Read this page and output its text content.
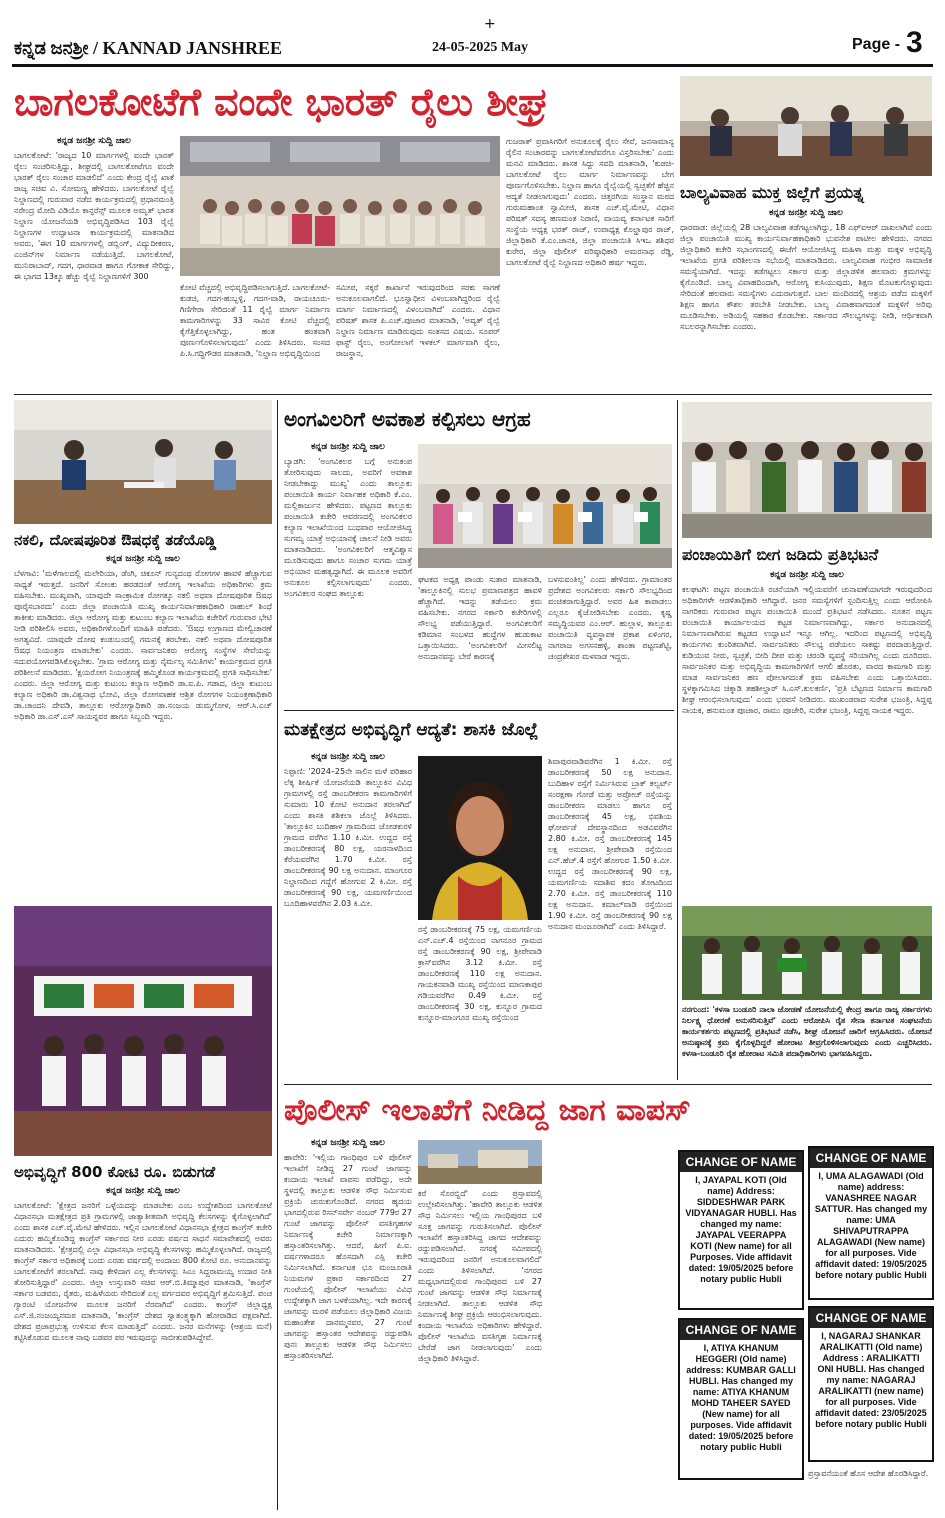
+
ಕನ್ನಡ ಜನಶ್ರೀ / KANNAD JANSHREE	24-05-2025 May	Page - 3
ಬಾಗಲಕೋಟೆಗೆ ವಂದೇ ಭಾರತ್ ರೈಲು ಶೀಘ್ರ
ಕನ್ನಡ ಜನಶ್ರೀ ಸುದ್ದಿ ಜಾಲ
ಬಾಗಲಕೋಟೆ: 'ರಾಜ್ಯದ 10 ಮಾರ್ಗಗಳಲ್ಲಿ ವಂದೇ ಭಾರತ್ ರೈಲು ಸಂಚರಿಸುತ್ತಿದ್ದು, ಶೀಘ್ರದಲ್ಲಿ ಬಾಗಲಕೋಟೆಗೂ ವಂದೇ ಭಾರತ್ ರೈಲು ಸಂಚಾರ ಮಾಡಲಿದೆ' ಎಂದು ಕೇಂದ್ರ ರೈಲ್ವೆ ಖಾತೆ ರಾಜ್ಯ ಸಚಿವ ವಿ. ಸೋಮಣ್ಣ ಹೇಳಿದರು. ಬಾಗಲಕೋಟೆ ರೈಲ್ವೆ ನಿಲ್ದಾಣದಲ್ಲಿ ಗುರುವಾರ ನಡೆದ ಕಾರ್ಯಕ್ರಮದಲ್ಲಿ ಪ್ರಧಾನಮಂತ್ರಿ ನರೇಂದ್ರ ಮೋದಿ ವಿಡಿಯೊ ಕಾನ್ಫರೆನ್ಸ್ ಮೂಲಕ ಅಮೃತ್ ಭಾರತ ನಿಲ್ದಾಣ ಯೋಜನೆಯಡಿ ಅಭಿವೃದ್ಧಿಪಡಿಸಿದ 103 ರೈಲ್ವೆ ನಿಲ್ದಾಣಗಳ ಉದ್ಘಾಟನಾ ಕಾರ್ಯಕ್ರಮದಲ್ಲಿ ಮಾತನಾಡಿದ ಅವರು, 'ಈಗ 10 ಮಾರ್ಗಗಳಲ್ಲಿ ಡಬ್ಲಿಂಗ್, ವಿದ್ಯುದೀಕರಣ, ಎಂಜಿನ್‌ಗಳ ನಿರ್ಮಾಣ ನಡೆಯುತ್ತಿದೆ. ಬಾಗಲಕೋಟೆ, ಮುನಿರಾಬಾದ್, ಗದಗ, ಧಾರವಾಡ ಹಾಗೂ ಗೋಕಾಕ ಸೇರಿದ್ದು, ಈ ಭಾಗದ 13ಕ್ಕೂ ಹೆಚ್ಚು ರೈಲ್ವೆ ನಿಲ್ದಾಣಗಳಿಗೆ 300
ಕೋಟಿ ವೆಚ್ಚದಲ್ಲಿ ಅಭಿವೃದ್ಧಿಪಡಿಸಲಾಗುತ್ತಿದೆ. ಬಾಗಲಕೋಟೆ-ಕುಡಚಿ, ಗದಗ-ಹುಬ್ಬಳ್ಳಿ, ಗದಗ-ವಾಡಿ, ರಾಯಚೂರು-ಗಿಣಿಗೇರಾ ಸೇರಿದಂತೆ 11 ರೈಲ್ವೆ ಮಾರ್ಗ ನಿರ್ಮಾಣ ಕಾಮಗಾರಿಗಳನ್ನು 33 ಸಾವಿರ ಕೋಟಿ ವೆಚ್ಚದಲ್ಲಿ ಕೈಗೆತ್ತಿಕೊಳ್ಳಲಾಗಿದ್ದು, ಹಂತ ಹಂತವಾಗಿ ಪೂರ್ಣಗೊಳಿಸಲಾಗುವುದು' ಎಂದು ತಿಳಿಸಿದರು. ಸಂಸದ ಪಿ.ಸಿ.ಗದ್ದಿಗೌಡರ ಮಾತನಾಡಿ, 'ನಿಲ್ದಾಣ ಅಭಿವೃದ್ಧಿಯಿಂದ
ಸಮೀಪ, ಸಕ್ಕರೆ ಕಾರ್ಖಾನೆ ಇರುವುದರಿಂದ ಸರಕು ಸಾಗಣೆ ಅನುಕೂಲವಾಗಲಿದೆ. ಭೂಸ್ವಾಧೀನ ವಿಳಂಬವಾಗಿದ್ದರಿಂದ ರೈಲ್ವೆ ಮಾರ್ಗ ನಿರ್ಮಾಣದಲ್ಲಿ ವಿಳಂಬವಾಗಿದೆ' ಎಂದರು. ವಿಧಾನ ಪರಿಷತ್ ಶಾಸಕ ಪಿ.ಎಚ್.ಪೂಜಾರ ಮಾತನಾಡಿ, 'ಅವ್ಯತ್ ರೈಲ್ವೆ ನಿಲ್ದಾಣ ನಿರ್ಮಾಣ ಮಾಡಿರುವುದು ಸಂತಸದ ವಿಷಯ. ಸೂಪರ್ ಫಾಸ್ಟ್ ರೈಲು, ಅಂಗೋಲಾಗೆ ಇಳಕಲ್ ಮಾರ್ಗವಾಗಿ ರೈಲು, ರಾಜಸ್ಥಾನ,
ಗುಜರಾತ್ ಪ್ರವಾಸಿಗರಿಗೆ ಅನುಕೂಲಕ್ಕೆ ರೈಲು ಸೇವೆ, ಜನಸಾಮಾನ್ಯ ರೈಲಿನ ಸಂಚಾರವನ್ನು ಬಾಗಲಕೋಟೆವರೆಗೂ ವಿಸ್ತರಿಸಬೇಕು' ಎಂದು ಮನವಿ ಮಾಡಿದರು. ಶಾಸಕ ಸಿದ್ದು ಸವದಿ ಮಾತನಾಡಿ, 'ಕುಡಚಿ-ಬಾಗಲಕೋಟೆ ರೈಲು ಮಾರ್ಗ ನಿರ್ಮಾಣವನ್ನು ಬೇಗ ಪೂರ್ಣಗೊಳಿಸಬೇಕು. ನಿಲ್ದಾಣ ಹಾಗೂ ರೈಲ್ವೆಯಲ್ಲಿ ಸ್ವಚ್ಛತೆಗೆ ಹೆಚ್ಚಿನ ಆದ್ಯತೆ ನೀಡಲಾಗುವುದು' ಎಂದರು. ಚಿತ್ತರಗಿಯ ಸಂಸ್ಥಾನ ಮಠದ ಗುರುಮಹಾಂತ ಸ್ವಾಮೀಜಿ, ಶಾಸಕ ಎಚ್.ವೈ.ಮೇಟಿ, ವಿಧಾನ ಪರಿಷತ್ ಸದಸ್ಯ ಹಣಮಂತ ನಿರಾಣಿ, ವಾಯವ್ಯ ಕರ್ನಾಟಕ ಸಾರಿಗೆ ಸಂಸ್ಥೆಯ ಅಧ್ಯಕ್ಷ ಭರತ್ ರಾಜ್, ಉಪಾಧ್ಯಕ್ಷ ಕೊಲ್ಹಾಪುರ ರಾಜ್, ಜಿಲ್ಲಾಧಿಕಾರಿ ಕೆ.ಎಂ.ಜಾನಕಿ, ಜಿಲ್ಲಾ ಪಂಚಾಯಿತಿ ಸಿಇಒ ಶಶಿಧರ ಕುರೇರ, ಜಿಲ್ಲಾ ಪೊಲೀಸ್ ವರಿಷ್ಠಾಧಿಕಾರಿ ಅಮರನಾಥ ರೆಡ್ಡಿ, ಬಾಗಲಕೋಟೆ ರೈಲ್ವೆ ನಿಲ್ದಾಣದ ಅಧಿಕಾರಿ ಹರ್ಷ ಇದ್ದರು.
ಬಾಲ್ಯವಿವಾಹ ಮುಕ್ತ ಜಿಲ್ಲೆಗೆ ಪ್ರಯತ್ನ
ಕನ್ನಡ ಜನಶ್ರೀ ಸುದ್ದಿ ಜಾಲ
ಧಾರವಾಡ: ಜಿಲ್ಲೆಯಲ್ಲಿ 28 ಬಾಲ್ಯವಿವಾಹ ತಡೆಗಟ್ಟಲಾಗಿದ್ದು, 18 ಎಫ್‌ಐಆರ್ ದಾಖಲಾಗಿವೆ ಎಂದು ಜಿಲ್ಲಾ ಪಂಚಾಯಿತಿ ಮುಖ್ಯ ಕಾರ್ಯನಿರ್ವಾಹಕಾಧಿಕಾರಿ ಭುವನೇಶ ಪಾಟೀಲ ಹೇಳಿದರು. ನಗರದ ಜಿಲ್ಲಾಧಿಕಾರಿ ಕಚೇರಿ ಸಭಾಂಗಣದಲ್ಲಿ ಈಚೆಗೆ ಆಯೋಜಿಸಿದ್ದ ಮಹಿಳಾ ಮತ್ತು ಮಕ್ಕಳ ಅಭಿವೃದ್ಧಿ ಇಲಾಖೆಯ ಪ್ರಗತಿ ಪರಿಶೀಲನಾ ಸಭೆಯಲ್ಲಿ ಮಾತನಾಡಿದರು. ಬಾಲ್ಯವಿವಾಹ ಗಂಭೀರ ಸಾಮಾಜಿಕ ಸಮಸ್ಯೆಯಾಗಿದೆ. ಇದನ್ನು ತಡೆಗಟ್ಟಲು ಸರ್ಕಾರ ಮತ್ತು ಜಿಲ್ಲಾಡಳಿತ ಹಲವಾರು ಕ್ರಮಗಳನ್ನು ಕೈಗೊಂಡಿದೆ. ಬಾಲ್ಯ ವಿವಾಹದಿಂದಾಗಿ, ಆರೋಗ್ಯ ಕುಸಿಯುವುದು, ಶಿಕ್ಷಣ ಮೊಟಕುಗೊಳ್ಳುವುದು ಸೇರಿದಂತೆ ಹಲವಾರು ಸಮಸ್ಯೆಗಳು ಎದುರಾಗುತ್ತವೆ. ಬಾಲ ಮಂದಿರದಲ್ಲಿ ಆಶ್ರಯ ಪಡೆದ ಮಕ್ಕಳಿಗೆ ಶಿಕ್ಷಣ ಹಾಗೂ ಕೌಶಲ ತರಬೇತಿ ನೀಡಬೇಕು. ಬಾಲ್ಯ ವಿವಾಹವಾಗದಂತೆ ಮಕ್ಕಳಿಗೆ ಅರಿವು ಮೂಡಿಸಬೇಕು. ಅಡಿಯಲ್ಲಿ ಸಹಕಾರ ಕೊಡಬೇಕು. ಸರ್ಕಾರದ ಸೌಲಭ್ಯಗಳನ್ನು ನೀಡಿ, ಆರ್ಥಿಕವಾಗಿ ಸಬಲರನ್ನಾಗಿಸಬೇಕು ಎಂದರು.
ನಕಲಿ, ದೋಷಪೂರಿತ ಔಷಧಕ್ಕೆ ತಡೆಯೊಡ್ಡಿ
ಕನ್ನಡ ಜನಶ್ರೀ ಸುದ್ದಿ ಜಾಲ
ಬೆಳಗಾವಿ: 'ಮಳೆಗಾಲದಲ್ಲಿ ಮಲೇರಿಯಾ, ಡೆಂಗಿ, ಚಿಕೂನ್ ಗುನ್ಯದಂಥ ರೋಗಗಳ ಹಾವಳಿ ಹೆಚ್ಚಾಗುವ ಸಾಧ್ಯತೆ ಇರುತ್ತದೆ. ಜನರಿಗೆ ಸೋಂಕು ಹರಡದಂತೆ ಆರೋಗ್ಯ ಇಲಾಖೆಯ ಅಧಿಕಾರಿಗಳು ಕ್ರಮ ವಹಿಸಬೇಕು. ಮುಖ್ಯವಾಗಿ, ಯಾವುದೇ ಸಾಂಕ್ರಾಮಿಕ ರೋಗಕ್ಕೂ ನಕಲಿ ಅಥವಾ ದೋಷಪೂರಿತ ಔಷಧ ಪೂರೈಸಬಾರದು' ಎಂದು ಜಿಲ್ಲಾ ಪಂಚಾಯಿತಿ ಮುಖ್ಯ ಕಾರ್ಯನಿರ್ವಾಹಕಾಧಿಕಾರಿ ರಾಹುಲ್ ಶಿಂಧೆ ತಾಕೀತು ಮಾಡಿದರು. ಜಿಲ್ಲಾ ಆರೋಗ್ಯ ಮತ್ತು ಕುಟುಂಬ ಕಲ್ಯಾಣ ಇಲಾಖೆಯ ಕಚೇರಿಗೆ ಗುರುವಾರ ಭೇಟಿ ನೀಡಿ ಪರಿಶೀಲಿಸಿ ಅವರು, ಅಧಿಕಾರಿಗಳೊಂದಿಗೆ ಮಾಹಿತಿ ಪಡೆದರು. 'ಔಷಧ ಉಗ್ರಾಣದ ಮೇಲ್ವಿಚಾರಣೆ ಅಗತ್ಯವಿದೆ. ಯಾವುದೇ ದೋಷ ಕಂಡುಬಂದಲ್ಲಿ ಗಮನಕ್ಕೆ ತರಬೇಕು. ನಕಲಿ ಅಥವಾ ದೋಷಪೂರಿತ ಔಷಧ ನಿಯಂತ್ರಣ ಮಾಡಬೇಕು' ಎಂದರು. ಸಾರ್ವಜನಿಕರು ಆರೋಗ್ಯ ಸಂಸ್ಥೆಗಳ ಸೇವೆಯನ್ನು ಸದುಪಯೋಗಪಡಿಸಿಕೊಳ್ಳಬೇಕು. 'ಗ್ರಾಮ ಆರೋಗ್ಯ ಮತ್ತು ನೈರ್ಮಲ್ಯ ಸಮಿತಿಗಳು' ಕಾರ್ಯಕ್ರಮದ ಪ್ರಗತಿ ಪರಿಶೀಲನೆ ಮಾಡಿದರು. 'ಕ್ಷಯರೋಗ ನಿಯಂತ್ರಣಕ್ಕೆ ಹಮ್ಮಿಕೊಂಡ ಕಾರ್ಯಕ್ರಮದಲ್ಲಿ ಪ್ರಗತಿ ಸಾಧಿಸಬೇಕು' ಎಂದರು. ಜಿಲ್ಲಾ ಆರೋಗ್ಯ ಮತ್ತು ಕುಟುಂಬ ಕಲ್ಯಾಣ ಅಧಿಕಾರಿ ಡಾ.ಐ.ಪಿ. ಗಡಾದ, ಜಿಲ್ಲಾ ಕುಟುಂಬ ಕಲ್ಯಾಣ ಅಧಿಕಾರಿ ಡಾ.ವಿಶ್ವನಾಥ ಭೋವಿ, ಜಿಲ್ಲಾ ರೋಗವಾಹಕ ಆಶ್ರಿತ ರೋಗಗಳ ನಿಯಂತ್ರಣಾಧಿಕಾರಿ ಡಾ.ಚಾಂದನಿ ದೇವಡಿ, ತಾಲ್ಲೂಕು ಆರೋಗ್ಯಾಧಿಕಾರಿ ಡಾ.ಸಂಜಯ ಡುಮ್ಮಗೋಳ, ಆರ್.ಸಿ.ಎಚ್ ಅಧಿಕಾರಿ ಡಾ.ಎಸ್.ಎಸ್ ಸಾಯನ್ನವರ ಹಾಗೂ ಸಿಬ್ಬಂದಿ ಇದ್ದರು.
ಅಭಿವೃದ್ಧಿಗೆ 800 ಕೋಟಿ ರೂ. ಬಿಡುಗಡೆ
ಕನ್ನಡ ಜನಶ್ರೀ ಸುದ್ದಿ ಜಾಲ
ಬಾಗಲಕೋಟೆ: 'ಕ್ಷೇತ್ರದ ಜನರಿಗೆ ಒಳ್ಳೆಯದನ್ನು ಮಾಡಬೇಕು ಎಂಬ ಉದ್ದೇಶದಿಂದ ಬಾಗಲಕೋಟೆ ವಿಧಾನಸಭಾ ಮತಕ್ಷೇತ್ರದ ಪ್ರತಿ ಗ್ರಾಮಗಳಲ್ಲಿ ಜಾತ್ಯಾತೀತವಾಗಿ ಅಭಿವೃದ್ಧಿ ಕೆಲಸಗಳನ್ನು ಕೈಗೊಳ್ಳಲಾಗಿದೆ' ಎಂದು ಶಾಸಕ ಎಚ್.ವೈ.ಮೇಟಿ ಹೇಳಿದರು. ಇಲ್ಲಿನ ಬಾಗಲಕೋಟೆ ವಿಧಾನಸಭಾ ಕ್ಷೇತ್ರದ ಕಾಂಗ್ರೆಸ್ ಕಚೇರಿ ಎದುರು ಹಮ್ಮಿಕೊಂಡಿದ್ದ ಕಾಂಗ್ರೆಸ್ ಸರ್ಕಾರದ ನೀರ ಎರಡು ವರ್ಷದ ಸಾಧನೆ ಸಮಾವೇಶದಲ್ಲಿ ಅವರು ಮಾತನಾಡಿದರು. 'ಕ್ಷೇತ್ರದಲ್ಲಿ ಎಲ್ಲಾ ವಿಧಾನಸಭಾ ಅಭಿವೃದ್ಧಿ ಕೆಲಸಗಳನ್ನು ಹಮ್ಮಿಕೊಳ್ಳಲಾಗಿದೆ. ರಾಜ್ಯದಲ್ಲಿ ಕಾಂಗ್ರೆಸ್ ಸರ್ಕಾರ ಅಧಿಕಾರಕ್ಕೆ ಬಂದು ಎರಡು ವರ್ಷದಲ್ಲಿ ಅಂದಾಜು 800 ಕೋಟಿ ರೂ. ಅನುದಾನವನ್ನು ಬಾಗಲಕೋಟೆಗೆ ತರಲಾಗಿದೆ. ನಾವು ಕೇಳಿದಾಗ ಎಲ್ಲ ಕೆಲಸಗಳನ್ನು ಸಿಎಂ ಸಿದ್ದರಾಮಯ್ಯ ಉದಾರ ನೀತಿ ತೋರಿಸುತ್ತಿದ್ದಾರೆ' ಎಂದರು. ಜಿಲ್ಲಾ ಉಸ್ತುವಾರಿ ಸಚಿವ ಆರ್.ಬಿ.ತಿಮ್ಮಾಪುರ ಮಾತನಾಡಿ, 'ಕಾಂಗ್ರೆಸ್ ಸರ್ಕಾರ ಬಡವರು, ರೈತರು, ಮಹಿಳೆಯರು ಸೇರಿದಂತೆ ಎಲ್ಲ ವರ್ಗದವರ ಅಭಿವೃದ್ಧಿಗೆ ಶ್ರಮಿಸುತ್ತಿದೆ. ಪಂಚ ಗ್ಯಾರಂಟಿ ಯೋಜನೆಗಳ ಮೂಲಕ ಜನರಿಗೆ ನೆರವಾಗಿದೆ' ಎಂದರು. ಕಾಂಗ್ರೆಸ್ ಜಿಲ್ಲಾಧ್ಯಕ್ಷ ಎಸ್.ಜಿ.ನಂಜಯ್ಯನಮಠ ಮಾತನಾಡಿ, 'ಕಾಂಗ್ರೆಸ್ ದೇಶದ ಸ್ವಾತಂತ್ರ್ಯಕ್ಕಾಗಿ ಹೋರಾಡಿದ ಪಕ್ಷವಾಗಿದೆ. ದೇಶದ ಪ್ರಜಾಪ್ರಭುತ್ವ ಉಳಿಸುವ ಕೆಲಸ ಮಾಡುತ್ತಿದೆ' ಎಂದರು. ಜನರ ಮನೆಗಳನ್ನು (ಆಶ್ರಯ ಮನೆ) ಕಟ್ಟಿಸಿಕೊಡುವ ಮೂಲಕ ನಾವು ಬಡವರ ಪರ ಇರುವುದನ್ನು ಸಾಬೀತುಪಡಿಸಿದ್ದೇವೆ.
ಅಂಗವಿಲರಿಗೆ ಅವಕಾಶ ಕಲ್ಪಿಸಲು ಆಗ್ರಹ
ಕನ್ನಡ ಜನಶ್ರೀ ಸುದ್ದಿ ಜಾಲ
ಬ್ಯಾಡಗಿ: 'ಅಂಗವಿಕಲರ ಬಗ್ಗೆ ಅನುಕಂಪ ತೋರಿಸುವುದು ಸಾಲದು, ಅವರಿಗೆ ಅವಕಾಶ ನೀಡಬೇಕಾದ್ದು ಮುಖ್ಯ' ಎಂದು ತಾಲ್ಲೂಕು ಪಂಚಾಯಿತಿ ಕಾರ್ಯ ನಿರ್ವಾಹಕ ಅಧಿಕಾರಿ ಕೆ.ಎಂ. ಮಲ್ಲಿಕಾರ್ಜುನ ಹೇಳಿದರು. ಪಟ್ಟಣದ ತಾಲ್ಲೂಕು ಪಂಚಾಯಿತಿ ಕಚೇರಿ ಆವರಣದಲ್ಲಿ ಅಂಗವಿಕಲರ ಕಲ್ಯಾಣ ಇಲಾಖೆಯಿಂದ ಬುಧವಾರ ಆಯೋಜಿಸಿದ್ದ ಸುಗಮ್ಯ ಯಾತ್ರೆ ಅಭಿಯಾನಕ್ಕೆ ಚಾಲನೆ ನೀಡಿ ಅವರು ಮಾತನಾಡಿದರು. 'ಅಂಗವಿಕಲರಿಗೆ ಆತ್ಮವಿಶ್ವಾಸ ಮೂಡಿಸುವುದು ಹಾಗೂ ಸಂಚಾರ ಸುಗಮ ಯಾತ್ರೆ ಅಭಿಯಾನ ಮಹತ್ವದ್ದಾಗಿದೆ. ಈ ಮೂಲಕ ಅವರಿಗೆ ಅನುಕೂಲ ಕಲ್ಪಿಸಲಾಗುವುದು' ಎಂದರು. ಅಂಗವಿಕಲರ ಸಂಘದ ತಾಲ್ಲೂಕು
ಘಟಕದ ಅಧ್ಯಕ್ಷ ಪಾಂಡು ಸುತಾರ ಮಾತನಾಡಿ, 'ತಾಲ್ಲೂಕಿನಲ್ಲಿ ಸುಲಭ ಪ್ರಮಾಣಪತ್ರದ ಹಾವಳಿ ಹೆಚ್ಚಾಗಿದೆ. ಇದನ್ನು ತಡೆಯಲು ಕ್ರಮ ವಹಿಸಬೇಕು. ನಗರದ ಸರ್ಕಾರಿ ಕಚೇರಿಗಳಲ್ಲಿ ಸೌಲಭ್ಯ ಪಡೆಯುತ್ತಿದ್ದಾರೆ. ಅಂಗವಿಕಲರಿಗೆ ಕಡಿಮಾನ ಸಂಬಳದ ಹುದ್ದೆಗಳ ಹುಡುಕಾಟ ಒತ್ತಾಯಿಸಿದರು. 'ಅಂಗವಿಕಲರಿಗೆ ಮೀಸಲಿಟ್ಟ ಅನುದಾನವನ್ನು ಬೇರೆ ಕಾರಣಕ್ಕೆ
ಬಳಸುವಂತಿಲ್ಲ' ಎಂದು ಹೇಳಿದರು. ಗ್ರಾಮಾಂತರ ಪ್ರದೇಶದ ಅಂಗವಿಕಲರು ಸರ್ಕಾರಿ ಸೌಲಭ್ಯದಿಂದ ವಂಚಿತರಾಗುತ್ತಿದ್ದಾರೆ. ಅವರ ಹಿತ ಕಾಪಾಡಲು ಎಲ್ಲರೂ ಕೈಜೋಡಿಸಬೇಕು ಎಂದರು. ಕೃಷ್ಣ ಸಮೃದ್ಧಿಯವರ ಎಂ.ಆರ್. ಹುಲ್ಲಾಳ, ತಾಲ್ಲೂಕು ಪಂಚಾಯಿತಿ ವ್ಯವಸ್ಥಾಪಕ ಪ್ರಕಾಶ ಏಳಿಂಗರ, ನಾಗರಾಜ ಅಗಸನಹಳ್ಳಿ, ಶಾಂತಾ ಪಟ್ಟಣಶೆಟ್ಟಿ, ಚಂದ್ರಶೇಖರ ಮಳವಾಡ ಇದ್ದರು.
ಮತಕ್ಷೇತ್ರದ ಅಭಿವೃದ್ಧಿಗೆ ಆದ್ಯತೆ: ಶಾಸಕಿ ಜೊಲ್ಲೆ
ಕನ್ನಡ ಜನಶ್ರೀ ಸುದ್ದಿ ಜಾಲ
ನಿಪ್ಪಾಣಿ: '2024–25ನೇ ಸಾಲಿನ ಮಳೆ ಪರಿಹಾರ ಲೆಕ್ಕ ಶೀರ್ಷಿಕೆ ಯೋಜನೆಯಡಿ ತಾಲ್ಲೂಕಿನ ವಿವಿಧ ಗ್ರಾಮಗಳಲ್ಲಿ ರಸ್ತೆ ಡಾಂಬರೀಕರಣ ಕಾಮಗಾರಿಗಳಿಗೆ ಸುಮಾರು 10 ಕೋಟಿ ಅನುದಾನ ತರಲಾಗಿದೆ' ಎಂದು ಶಾಸಕಿ ಶಶಿಕಲಾ ಜೊಲ್ಲೆ ತಿಳಿಸಿದರು. 'ತಾಲ್ಲೂಕಿನ ಬುದಿಹಾಳ ಗ್ರಾಮದಿಂದ ಜೋಡಕುರಳಿ ಗ್ರಾಮದ ವರೆಗಿನ 1.10 ಕಿ.ಮೀ. ಉದ್ದದ ರಸ್ತೆ ಡಾಂಬರೀಕರಣಕ್ಕೆ 80 ಲಕ್ಷ, ಯರನಾಳದಿಂದ ಕೆರೆಯವರೆಗಿನ 1.70 ಕಿ.ಮೀ. ರಸ್ತೆ ಡಾಂಬರೀಕರಣಕ್ಕೆ 90 ಲಕ್ಷ ಅನುದಾನ. ಮಾಂಗೂರ ನಿಲ್ದಾಣದಿಂದ ಗದ್ದೆಗೆ ಹೋಗುವ 2 ಕಿ.ಮೀ. ರಸ್ತೆ ಡಾಂಬರೀಕರಣಕ್ಕೆ 90 ಲಕ್ಷ, ಯಮಗರ್ಣಿಯಿಂದ ಬೂದಿಹಾಳವರೆಗಿನ 2.03 ಕಿ.ಮೀ.
ರಸ್ತೆ ಡಾಂಬರೀಕರಣಕ್ಕೆ 75 ಲಕ್ಷ, ಯಮಗರ್ಣಿಯ ಎನ್.ಎಚ್.4 ರಸ್ತೆಯಿಂದ ನಾಗನೂರ ಗ್ರಾಮದ ರಸ್ತೆ ಡಾಂಬರೀಕರಣಕ್ಕೆ 90 ಲಕ್ಷ, ಶ್ರೀಪೇವಾಡಿ ಕ್ರಾಸ್‌ವರೆಗಿನ 3.12 ಕಿ.ಮೀ. ರಸ್ತೆ ಡಾಂಬರೀಕರಣಕ್ಕೆ 110 ಲಕ್ಷ ಅನುದಾನ. ಗಾಯಕನವಾಡಿ ಮುಖ್ಯ ರಸ್ತೆಯಿಂದ ಮಾಣಕಾಪುರ ಗಡಿಯವರೆಗಿನ 0.49 ಕಿ.ಮೀ. ರಸ್ತೆ ಡಾಂಬರೀಕರಣಕ್ಕೆ 30 ಲಕ್ಷ, ಕುನ್ನೂರ ಗ್ರಾಮದ ಕುನ್ನೂರ-ಮಾಂಗೂರ ಮುಖ್ಯ ರಸ್ತೆಯಿಂದ
ಶಿವಾಪುರವಾಡಿವರೆಗಿನ 1 ಕಿ.ಮೀ. ರಸ್ತೆ ಡಾಂಬರೀಕರಣಕ್ಕೆ 50 ಲಕ್ಷ ಅನುದಾನ. ಬುದಿಹಾಳ ರಸ್ತೆಗೆ ನಿರ್ಮಿಸಿರುವ ಬ್ರಾಕ್ ಕಲ್ವರ್ಟ್ ಸಂರಕ್ಷಣಾ ಗೋಡೆ ಮತ್ತು ಅಪ್ರೋಚ್ ರಸ್ತೆಯನ್ನು ಡಾಂಬರೀಕರಣ ಮಾಡಲು ಹಾಗೂ ರಸ್ತೆ ಡಾಂಬರೀಕರಣಕ್ಕೆ 45 ಲಕ್ಷ, ಭಿವಶಿಯ ಘೋರ್ಪಡೆ ದೇವಸ್ಥಾನದಿಂದ ಅಡವಿವರೆಗಿನ 2.80 ಕಿ.ಮೀ. ರಸ್ತೆ ಡಾಂಬರೀಕರಣಕ್ಕೆ 145 ಲಕ್ಷ ಅನುದಾನ. ಶ್ರೀಪೇವಾಡಿ ರಸ್ತೆಯಿಂದ ಎನ್.ಹೆಚ್.4 ರಸ್ತೆಗೆ ಹೋಗುವ 1.50 ಕಿ.ಮೀ. ಉದ್ದದ ರಸ್ತೆ ಡಾಂಬರೀಕರಣಕ್ಕೆ 90 ಲಕ್ಷ, ಯಮಗರ್ಣಿಯ ಸದಾಶಿವ ಕದಂ ತೋಟದಿಂದ 2.70 ಕಿ.ಮೀ. ರಸ್ತೆ ಡಾಂಬರೀಕರಣಕ್ಕೆ 110 ಲಕ್ಷ ಅನುದಾನ. ಕಮಾಲ್‌ವಾಡಿ ರಸ್ತೆಯಿಂದ 1.90 ಕಿ.ಮೀ. ರಸ್ತೆ ಡಾಂಬರೀಕರಣಕ್ಕೆ 90 ಲಕ್ಷ ಅನುದಾನ ಮಂಜೂರಾಗಿದೆ' ಎಂದು ತಿಳಿಸಿದ್ದಾರೆ.
ಪಂಚಾಯಿತಿಗೆ ಬೀಗ ಜಡಿದು ಪ್ರತಿಭಟನೆ
ಕನ್ನಡ ಜನಶ್ರೀ ಸುದ್ದಿ ಜಾಲ
ಕಲಘಟಗಿ: ಪಟ್ಟಣ ಪಂಚಾಯಿತಿ ರಚನೆಯಾಗಿ ಇಲ್ಲಿಯವರೆಗೆ ಚುನಾವಣೆಯಾಗದೇ ಇರುವುದರಿಂದ ಅಧಿಕಾರಿಗಳೇ ಆಡಳಿತಾಧಿಕಾರಿ ಆಗಿದ್ದಾರೆ. ಜನರ ಸಮಸ್ಯೆಗಳಿಗೆ ಸ್ಪಂದಿಸುತ್ತಿಲ್ಲ ಎಂದು ಆರೋಪಿಸಿ ನಾಗರಿಕರು ಗುರುವಾರ ಪಟ್ಟಣ ಪಂಚಾಯಿತಿ ಮುಂದೆ ಪ್ರತಿಭಟನೆ ನಡೆಸಿದರು. ನೂತನ ಪಟ್ಟಣ ಪಂಚಾಯಿತಿ ಕಾರ್ಯಾಲಯದ ಕಟ್ಟಡ ನಿರ್ಮಾಣವಾಗಿದ್ದು, ಸರ್ಕಾರ ಅನುದಾನದಲ್ಲಿ ನಿರ್ಮಾಣವಾಗಿರುವ ಕಟ್ಟಡದ ಉದ್ಘಾಟನೆ ಇನ್ನೂ ಆಗಿಲ್ಲ. ಇದರಿಂದ ಪಟ್ಟಣದಲ್ಲಿ ಅಭಿವೃದ್ಧಿ ಕಾರ್ಯಗಳು ಕುಂಠಿತವಾಗಿವೆ. ಸಾರ್ವಜನಿಕರು ಸೌಲಭ್ಯ ಪಡೆಯಲು ಸಾಕಷ್ಟು ಪರದಾಡುತ್ತಿದ್ದಾರೆ. ಕುಡಿಯುವ ನೀರು, ಸ್ವಚ್ಛತೆ, ಬೀದಿ ದೀಪ ಮತ್ತು ಚರಂಡಿ ವ್ಯವಸ್ಥೆ ಸರಿಯಾಗಿಲ್ಲ ಎಂದು ದೂರಿದರು. ಸಾರ್ವಜನಿಕರ ಮತ್ತು ಅಭಿವೃದ್ಧಿಯ ಕಾಮಗಾರಿಗಳಿಗೆ ಆಗಲಿ ಹೊರತು, ವಾರದ ಕಾಮಗಾರಿ ಮತ್ತು ಮಾಡ ಸಾರ್ವಜನಿಕರ ಹಣ ಪೋಲಾಗದಂತೆ ಕ್ರಮ ವಹಿಸಬೇಕು ಎಂದು ಒತ್ತಾಯಿಸಿದರು. ಸ್ಥಳಕ್ಕಾಗಮಿಸಿದ ಚಿಕ್ಕಾಡಿ ತಹಶೀಲ್ದಾರ್ ಸಿ.ಎಸ್.ಕುಲಕರ್ಣಿ, 'ಪ್ರತಿ ಬೆಟ್ಟಣದ ನಿರ್ಮಾಣ ಕಾಮಗಾರಿ ಶೀಘ್ರ ಆರಂಭಿಸಲಾಗುವುದು' ಎಂದು ಭರವಸೆ ನೀಡಿದರು. ಮುಖಂಡರಾದ ಸುರೇಶ ಭಜಂತ್ರಿ, ಸಿದ್ದಪ್ಪ ನಾಯಕ, ಹನುಮಂತ ಪೂಜಾರ, ರಾಮು ಪೂಜೇರಿ, ಸುರೇಶ ಭಜಂತ್ರಿ, ಸಿದ್ದಪ್ಪ ನಾಯಕ ಇದ್ದರು.
ನರಗುಂದ: 'ಕಳಸಾ ಬಂಡೂರಿ ನಾಲಾ ಜೋಡಣೆ ಯೋಜನೆಯಲ್ಲಿ ಕೇಂದ್ರ ಹಾಗೂ ರಾಜ್ಯ ಸರ್ಕಾರಗಳು ನಿರ್ಲಕ್ಷ್ಯ ಧೋರಣೆ ಅನುಸರಿಸುತ್ತಿವೆ' ಎಂದು ಆರೋಪಿಸಿ ರೈತ ಸೇನಾ ಕರ್ನಾಟಕ ಸಂಘಟನೆಯ ಕಾರ್ಯಕರ್ತರು ಪಟ್ಟಣದಲ್ಲಿ ಪ್ರತಿಭಟನೆ ನಡೆಸಿ, ಶೀಘ್ರ ಯೋಜನೆ ಜಾರಿಗೆ ಆಗ್ರಹಿಸಿದರು. ಯೋಜನೆ ಅನುಷ್ಠಾನಕ್ಕೆ ಕ್ರಮ ಕೈಗೊಳ್ಳದಿದ್ದರೆ ಹೋರಾಟ ತೀವ್ರಗೊಳಿಸಲಾಗುವುದು ಎಂದು ಎಚ್ಚರಿಸಿದರು. ಕಳಸಾ-ಬಂಡೂರಿ ರೈತ ಹೋರಾಟ ಸಮಿತಿ ಪದಾಧಿಕಾರಿಗಳು ಭಾಗವಹಿಸಿದ್ದರು.
ಪೊಲೀಸ್ ಇಲಾಖೆಗೆ ನೀಡಿದ್ದ ಜಾಗ ವಾಪಸ್
ಕನ್ನಡ ಜನಶ್ರೀ ಸುದ್ದಿ ಜಾಲ
ಹಾವೇರಿ: 'ಇಲ್ಲಿಯ ಗಾಂಧಿಪುರ ಬಳಿ ಪೊಲೀಸ್ ಇಲಾಖೆಗೆ ನೀಡಿದ್ದ 27 ಗುಂಟೆ ಜಾಗವನ್ನು ಕಂದಾಯ ಇಲಾಖೆ ವಾಪಸು ಪಡೆದಿದ್ದು, ಅದೇ ಸ್ಥಳದಲ್ಲಿ ತಾಲ್ಲೂಕು ಆಡಳಿತ ಸೌಧ ನಿರ್ಮಿಸುವ ಪ್ರಕ್ರಿಯೆ ಚುರುಕುಗೊಂಡಿದೆ. ನಗರದ ಹೃದಯ ಭಾಗದಲ್ಲಿರುವ ರಿಸನ್‌ಸರ್ವೇ ನಂಬರ್ 779ರ 27 ಗುಂಟೆ ಜಾಗವನ್ನು ಪೊಲೀಸ್ ವಸತಿಗೃಹಗಳ ನಿರ್ಮಾಣಕ್ಕೆ ಕಚೇರಿ ನಿರ್ಮಾಣಕ್ಕಾಗಿ ಹಸ್ತಾಂತರಿಸಲಾಗಿತ್ತು. ಆದರೆ, ಹೀಗೆ ಪಿ.ಐ. ವರ್ಷಗಳಾದರೂ ಹೊಸದಾಗಿ ಎಸ್ಪಿ ಕಚೇರಿ ನಿರ್ಮಿಸಲಾಗಿದೆ. ಕರ್ನಾಟಕ ಭೂ ಮಂಜೂರಾತಿ ನಿಯಮಗಳ ಪ್ರಕಾರ ಸರ್ಕಾರದಿಂದ 27 ಗುಂಟೆಯಲ್ಲಿ ಪೊಲೀಸ್ ಇಲಾಖೆಯು ವಿವಿಧ ಉದ್ದೇಶಕ್ಕಾಗಿ ಜಾಗ ಬಳಕೆಯಾಗಿಲ್ಲ. ಇದೇ ಕಾರಣಕ್ಕೆ ಜಾಗವನ್ನು ಮರಳಿ ಪಡೆಯಲು ಜಿಲ್ಲಾಧಿಕಾರಿ ವಿಜಯ ಮಹಾಂತೇಶ ದಾನಮ್ಮನವರ, 27 ಗುಂಟೆ ಜಾಗವನ್ನು ಹಸ್ತಾಂತರ ಆದೇಶವನ್ನು ರದ್ದುಪಡಿಸಿ ಪುನಃ ತಾಲ್ಲೂಕು ಆಡಳಿತ ಸೌಧ ನಿರ್ಮಿಸಲು ಹಸ್ತಾಂತರಿಸಲಾಗಿದೆ.
ಕರೆ ಸೊರಬ್ದಿದೆ' ಎಂದು ಪ್ರಸ್ತಾವದಲ್ಲಿ ಉಲ್ಲೇಖಿಸಲಾಗಿತ್ತು. 'ಹಾವೇರಿ ತಾಲ್ಲೂಕು ಆಡಳಿತ ಸೌಧ ನಿರ್ಮಿಸಲು ಇಲ್ಲಿಯ ಗಾಂಧಿಪುರದ ಬಳಿ ಸೂಕ್ತ ಜಾಗವನ್ನು ಗುರುತಿಸಲಾಗಿದೆ. ಪೊಲೀಸ್ ಇಲಾಖೆಗೆ ಹಸ್ತಾಂತರಿಸಿದ್ದ ಜಾಗದ ಆದೇಶವನ್ನು ರದ್ದುಪಡಿಸಲಾಗಿದೆ. ನಗರಕ್ಕೆ ಸಮೀಪದಲ್ಲಿ ಇರುವುದರಿಂದ ಜನರಿಗೆ ಅನುಕೂಲವಾಗಲಿದೆ' ಎಂದು ತಿಳಿಸಲಾಗಿದೆ. 'ನಗರದ ಮಧ್ಯಭಾಗದಲ್ಲಿರುವ ಗಾಂಧಿಪುರದ ಬಳಿ 27 ಗುಂಟೆ ಜಾಗವನ್ನು ಆಡಳಿತ ಸೌಧ ನಿರ್ಮಾಣಕ್ಕೆ ನೀಡಲಾಗಿದೆ. ತಾಲ್ಲೂಕು ಆಡಳಿತ ಸೌಧ ನಿರ್ಮಾಣಕ್ಕೆ ಶೀಘ್ರ ಪ್ರಕ್ರಿಯೆ ಆರಂಭಿಸಲಾಗುವುದು. ಕಂದಾಯ ಇಲಾಖೆಯ ಅಧಿಕಾರಿಗಳು ಹೇಳಿದ್ದಾರೆ. ಪೊಲೀಸ್ ಇಲಾಖೆಯ ವಸತಿಗೃಹ ನಿರ್ಮಾಣಕ್ಕೆ ಬೇರೆಡೆ ಜಾಗ ನೀಡಲಾಗುವುದು' ಎಂದು ಜಿಲ್ಲಾಧಿಕಾರಿ ತಿಳಿಸಿದ್ದಾರೆ.
CHANGE OF NAME
I, JAYAPAL KOTI (Old name) Address: SIDDESHWAR PARK VIDYANAGAR HUBLI. Has changed my name: JAYAPAL VEERAPPA KOTI (New name) for all Purposes. Vide affidavit dated: 19/05/2025 before notary public Hubli
CHANGE OF NAME
I, UMA ALAGAWADI (Old name) address: VANASHREE NAGAR SATTUR. Has changed my name: UMA SHIVAPUTRAPPA ALAGAWADI (New name) for all purposes. Vide affidavit dated: 19/05/2025 before notary public Hubli
CHANGE OF NAME
I, ATIYA KHANUM HEGGERI (Old name) address: KUMBAR GALLI HUBLI. Has changed my name: ATIYA KHANUM MOHD TAHEER SAYED (New name) for all purposes. Vide affidavit dated: 19/05/2025 before notary public Hubli
CHANGE OF NAME
I, NAGARAJ SHANKAR ARALIKATTI (Old name) Address : ARALIKATTI ONI HUBLI. Has changed my name: NAGARAJ ARALIKATTI (new name) for all purposes. Vide affidavit dated: 23/05/2025 before notary public Hubli
ಪ್ರಸ್ತಾವನೆಯಂತೆ ಹೊಸ ಆದೇಶ ಹೊರಡಿಸಿದ್ದಾರೆ.
